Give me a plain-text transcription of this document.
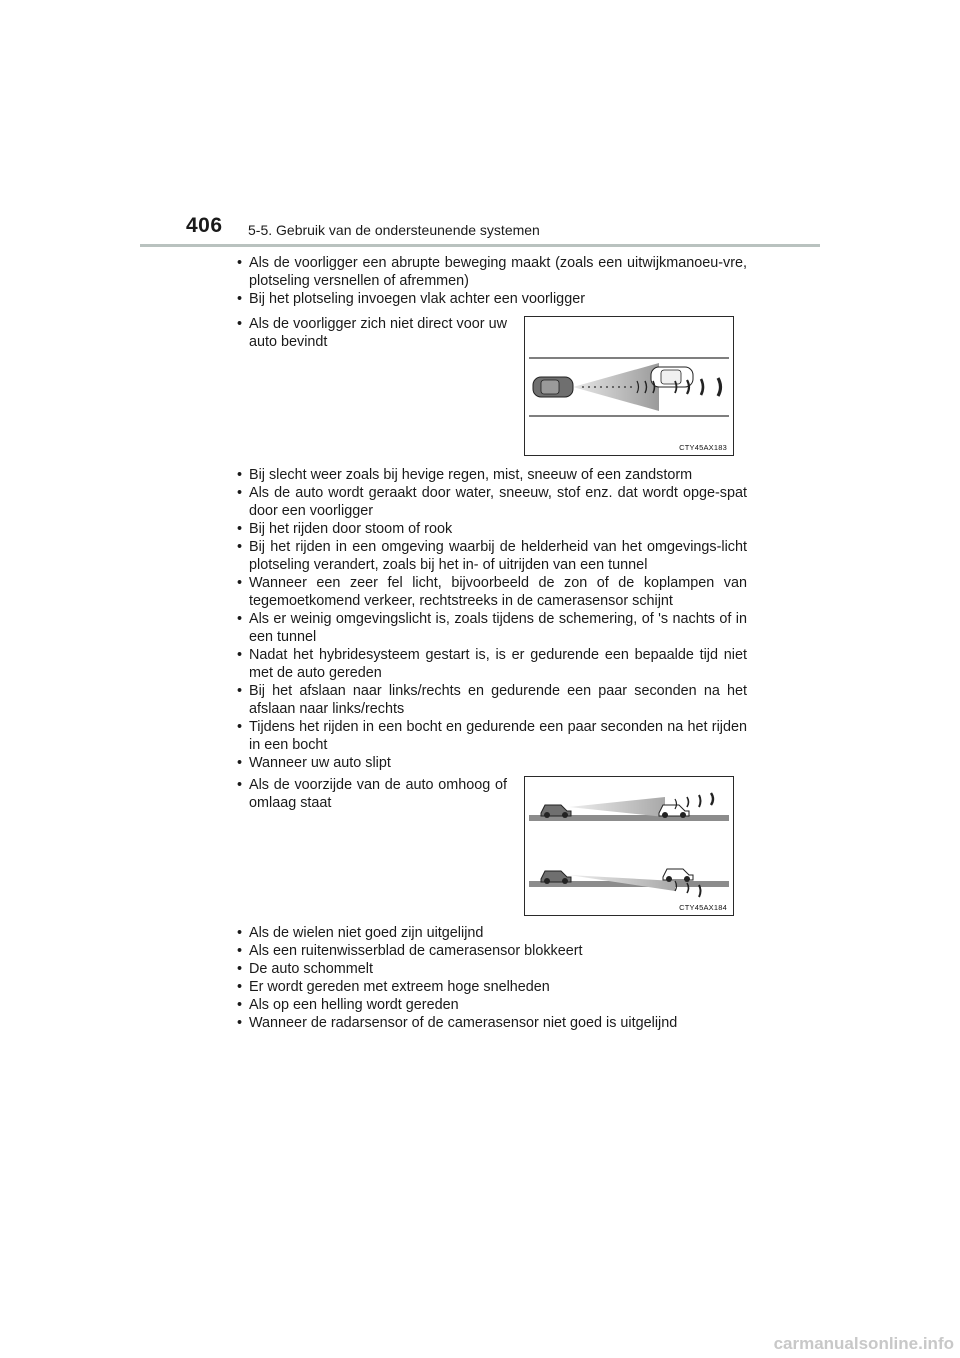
406 5-5. Gebruik van de ondersteunende systemen
• Als de voorligger een abrupte beweging maakt (zoals een uitwijkmanoeu-vre, plotseling versnellen of afremmen)
• Bij het plotseling invoegen vlak achter een voorligger
• Als de voorligger zich niet direct voor uw auto bevindt
CTY45AX183
• Bij slecht weer zoals bij hevige regen, mist, sneeuw of een zandstorm
• Als de auto wordt geraakt door water, sneeuw, stof enz. dat wordt opge-spat door een voorligger
• Bij het rijden door stoom of rook
• Bij het rijden in een omgeving waarbij de helderheid van het omgevings-licht plotseling verandert, zoals bij het in- of uitrijden van een tunnel
• Wanneer een zeer fel licht, bijvoorbeeld de zon of de koplampen van tegemoetkomend verkeer, rechtstreeks in de camerasensor schijnt
• Als er weinig omgevingslicht is, zoals tijdens de schemering, of 's nachts of in een tunnel
• Nadat het hybridesysteem gestart is, is er gedurende een bepaalde tijd niet met de auto gereden
• Bij het afslaan naar links/rechts en gedurende een paar seconden na het afslaan naar links/rechts
• Tijdens het rijden in een bocht en gedurende een paar seconden na het rijden in een bocht
• Wanneer uw auto slipt
• Als de voorzijde van de auto omhoog of omlaag staat
CTY45AX184
• Als de wielen niet goed zijn uitgelijnd
• Als een ruitenwisserblad de camerasensor blokkeert
• De auto schommelt
• Er wordt gereden met extreem hoge snelheden
• Als op een helling wordt gereden
• Wanneer de radarsensor of de camerasensor niet goed is uitgelijnd
carmanualsonline.info
